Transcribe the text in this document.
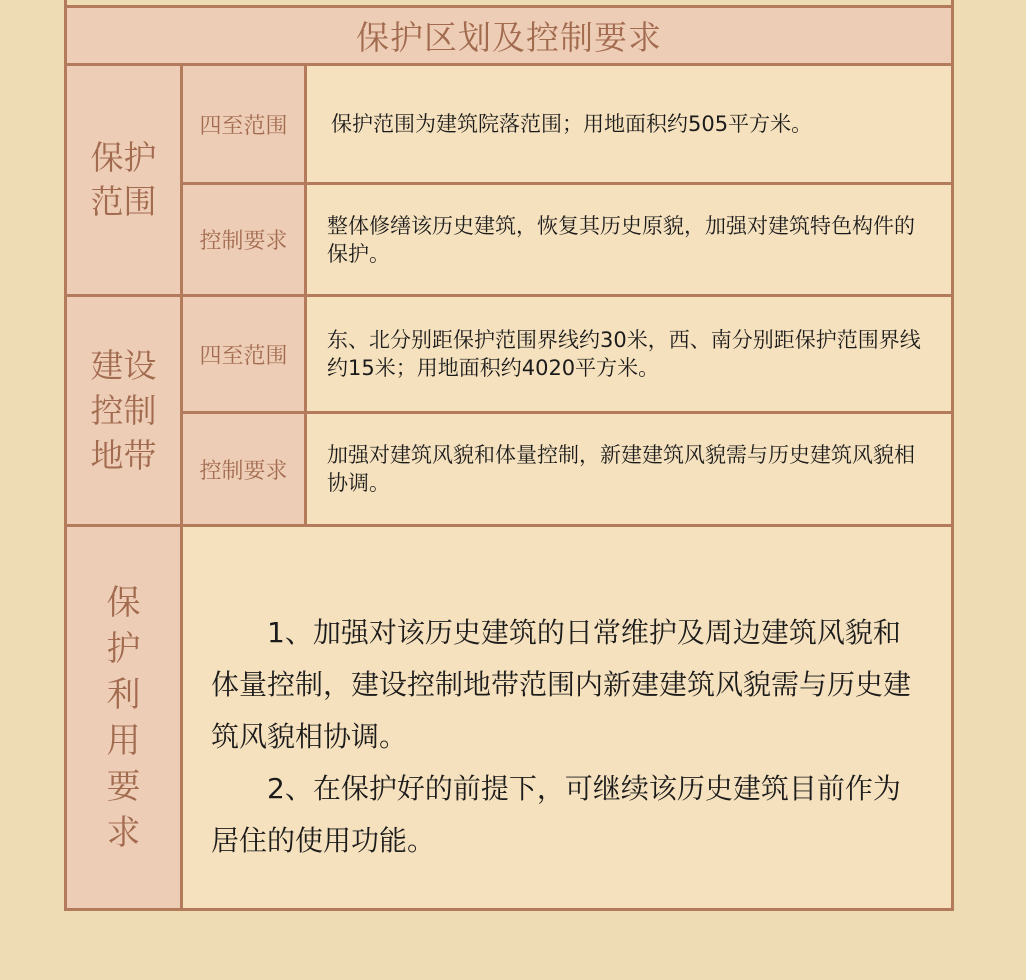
保护区划及控制要求
保护
范围
四至范围	保护范围为建筑院落范围；用地面积约505平方米。
控制要求
整体修缮该历史建筑，恢复其历史原貌，加强对建筑特色构件的保护。
建设
控制
地带
四至范围
东、北分别距保护范围界线约30米，西、南分别距保护范围界线约15米；用地面积约4020平方米。
控制要求
加强对建筑风貌和体量控制，新建建筑风貌需与历史建筑风貌相协调。
保
护
利
用
要
求

1、加强对该历史建筑的日常维护及周边建筑风貌和体量控制，建设控制地带范围内新建建筑风貌需与历史建筑风貌相协调。

2、在保护好的前提下，可继续该历史建筑目前作为居住的使用功能。
